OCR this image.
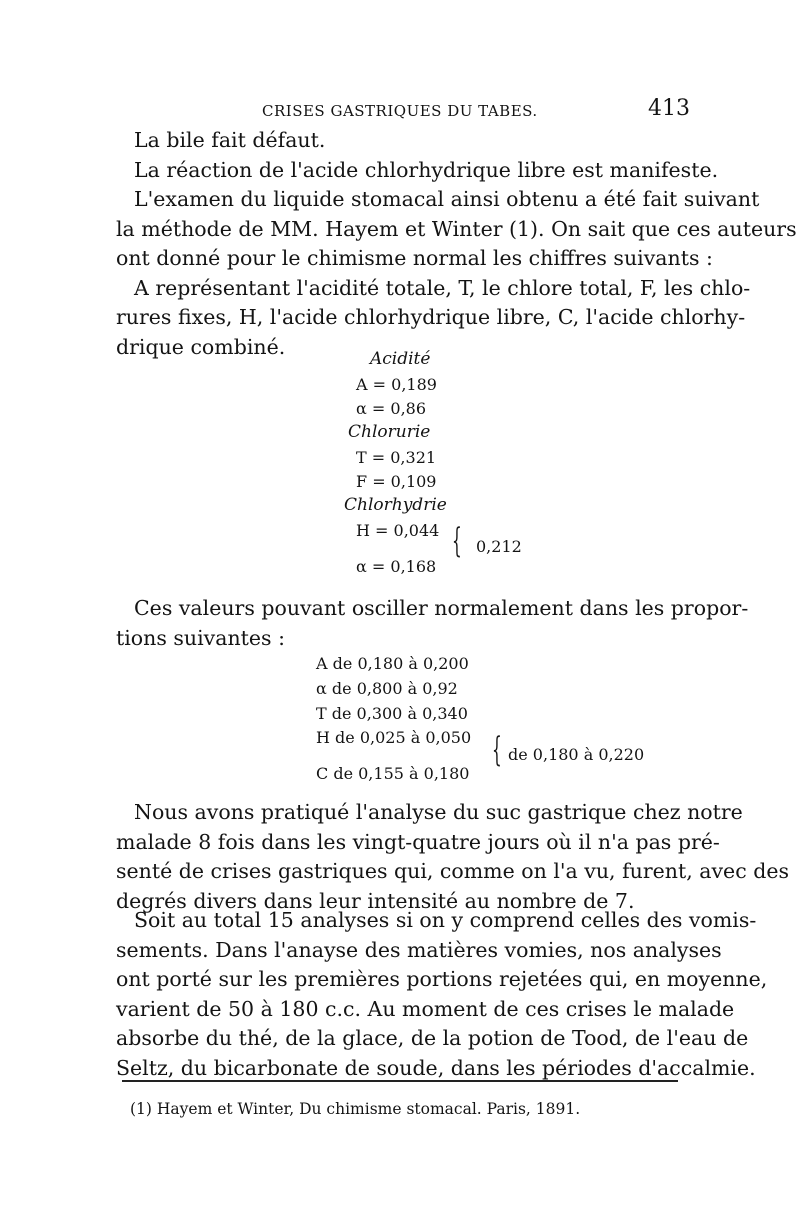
CRISES GASTRIQUES DU TABES.	413
La bile fait défaut.
La réaction de l'acide chlorhydrique libre est manifeste.
L'examen du liquide stomacal ainsi obtenu a été fait suivant
la méthode de MM. Hayem et Winter (1). On sait que ces auteurs
ont donné pour le chimisme normal les chiffres suivants :
A représentant l'acidité totale, T, le chlore total, F, les chlo-
rures fixes, H, l'acide chlorhydrique libre, C, l'acide chlorhy-
drique combiné.
Acidité
A = 0,189
α = 0,86
Chlorurie
T = 0,321
F = 0,109
Chlorhydrie
H = 0,044
α = 0,168
{ 0,212
Ces valeurs pouvant osciller normalement dans les propor-
tions suivantes :
A de 0,180 à 0,200
α de 0,800 à 0,92
T de 0,300 à 0,340
H de 0,025 à 0,050
C de 0,155 à 0,180
{ de 0,180 à 0,220
Nous avons pratiqué l'analyse du suc gastrique chez notre
malade 8 fois dans les vingt-quatre jours où il n'a pas pré-
senté de crises gastriques qui, comme on l'a vu, furent, avec des
degrés divers dans leur intensité au nombre de 7.
Soit au total 15 analyses si on y comprend celles des vomis-
sements. Dans l'anayse des matières vomies, nos analyses
ont porté sur les premières portions rejetées qui, en moyenne,
varient de 50 à 180 c.c. Au moment de ces crises le malade
absorbe du thé, de la glace, de la potion de Tood, de l'eau de
Seltz, du bicarbonate de soude, dans les périodes d'accalmie.
(1) Hayem et Winter, Du chimisme stomacal. Paris, 1891.
